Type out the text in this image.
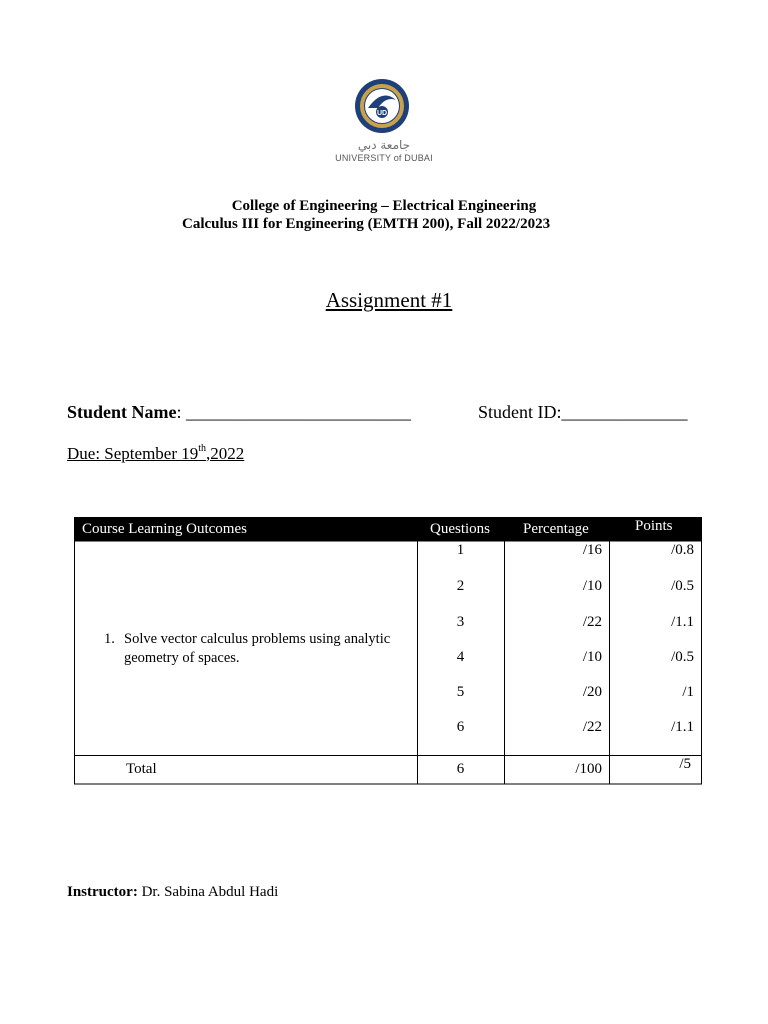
UD
جامعة دبي
UNIVERSITY of DUBAI
College of Engineering – Electrical Engineering
Calculus III for Engineering (EMTH 200), Fall 2022/2023
Assignment #1
Student Name: _________________________	Student ID:______________
Due: September 19th,2022
Course Learning Outcomes	Questions Percentage	Points
1. Solve vector calculus problems using analytic geometry of spaces.
1	/16	/0.8
2	/10	/0.5
3	/22	/1.1
4	/10	/0.5
5	/20	/1
6	/22	/1.1
Total	6	/100	/5
Instructor: Dr. Sabina Abdul Hadi
